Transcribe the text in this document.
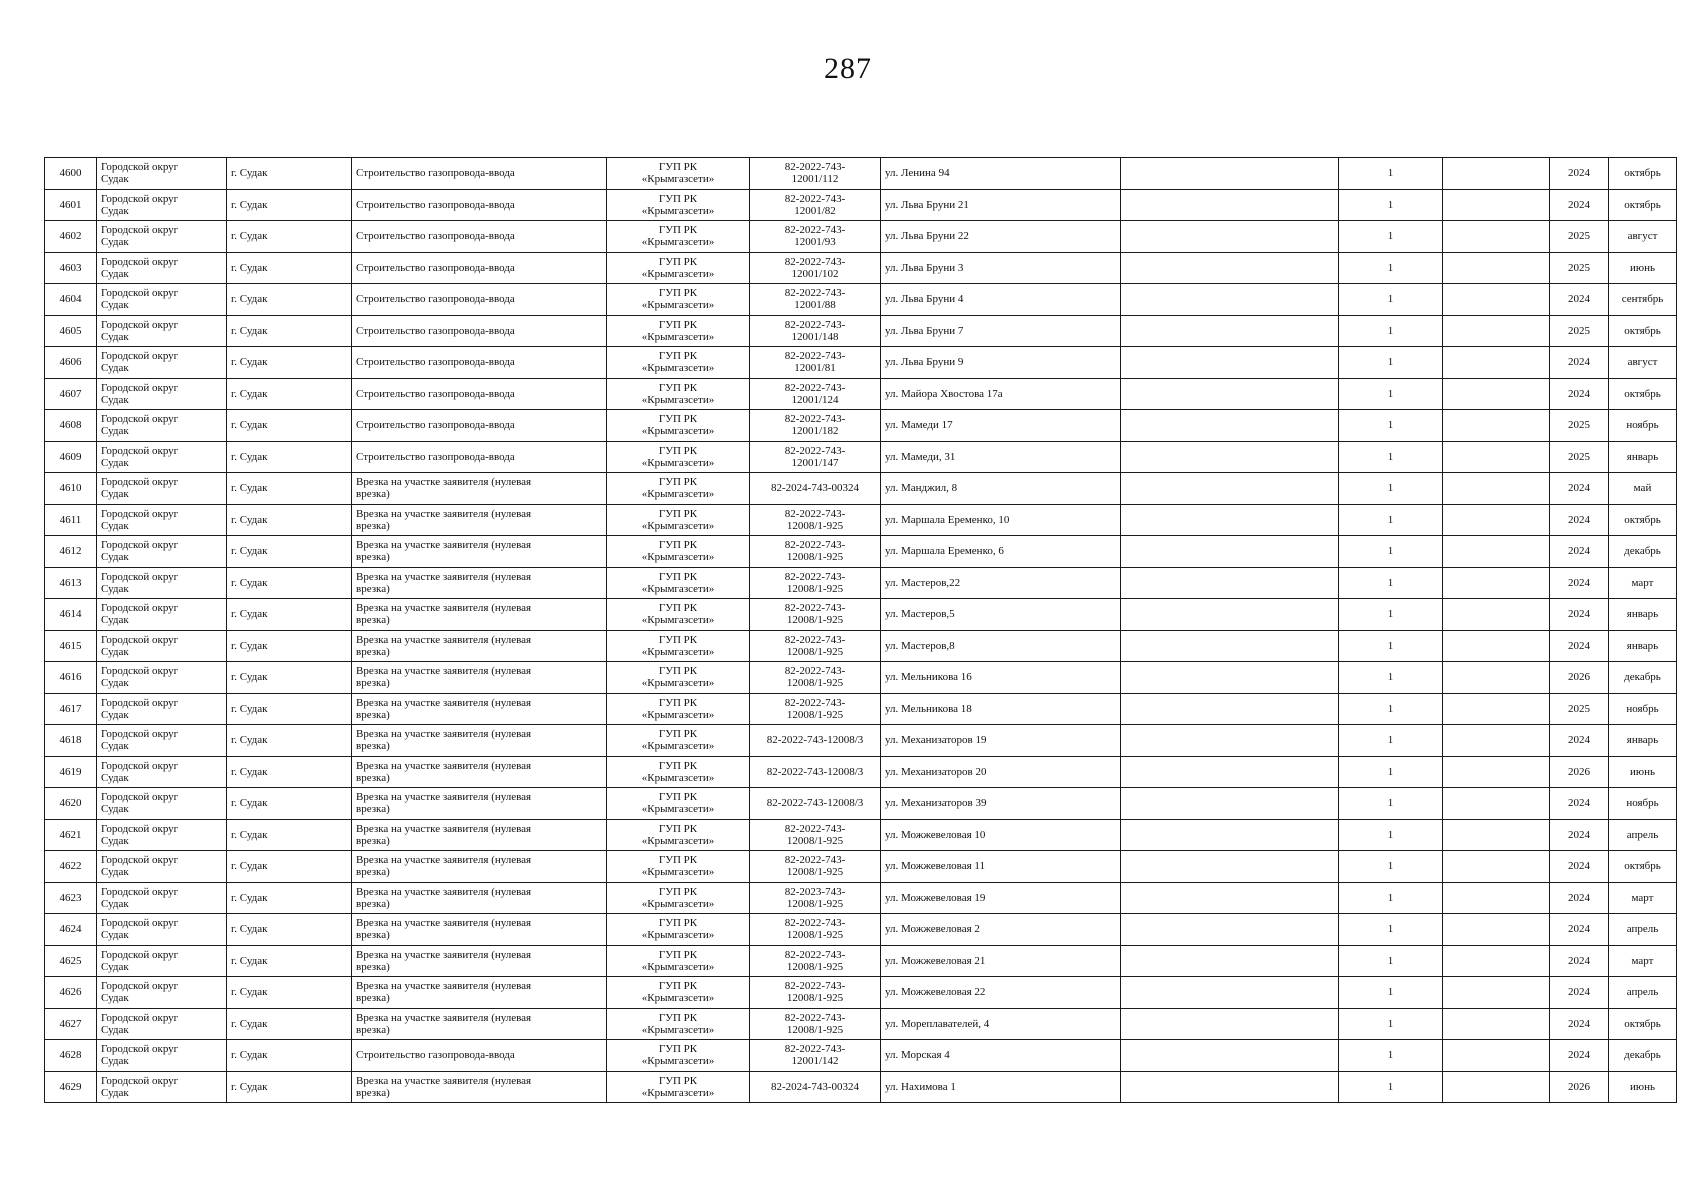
287
4600	Городской округ
Судак	г. Судак	Строительство газопровода-ввода	ГУП РК
«Крымгазсети»	82-2022-743-
12001/112	ул. Ленина 94		1		2024	октябрь
4601	Городской округ
Судак	г. Судак	Строительство газопровода-ввода	ГУП РК
«Крымгазсети»	82-2022-743-
12001/82	ул. Льва Бруни 21		1		2024	октябрь
4602	Городской округ
Судак	г. Судак	Строительство газопровода-ввода	ГУП РК
«Крымгазсети»	82-2022-743-
12001/93	ул. Льва Бруни 22		1		2025	август
4603	Городской округ
Судак	г. Судак	Строительство газопровода-ввода	ГУП РК
«Крымгазсети»	82-2022-743-
12001/102	ул. Льва Бруни 3		1		2025	июнь
4604	Городской округ
Судак	г. Судак	Строительство газопровода-ввода	ГУП РК
«Крымгазсети»	82-2022-743-
12001/88	ул. Льва Бруни 4		1		2024	сентябрь
4605	Городской округ
Судак	г. Судак	Строительство газопровода-ввода	ГУП РК
«Крымгазсети»	82-2022-743-
12001/148	ул. Льва Бруни 7		1		2025	октябрь
4606	Городской округ
Судак	г. Судак	Строительство газопровода-ввода	ГУП РК
«Крымгазсети»	82-2022-743-
12001/81	ул. Льва Бруни 9		1		2024	август
4607	Городской округ
Судак	г. Судак	Строительство газопровода-ввода	ГУП РК
«Крымгазсети»	82-2022-743-
12001/124	ул. Майора Хвостова 17а		1		2024	октябрь
4608	Городской округ
Судак	г. Судак	Строительство газопровода-ввода	ГУП РК
«Крымгазсети»	82-2022-743-
12001/182	ул. Мамеди 17		1		2025	ноябрь
4609	Городской округ
Судак	г. Судак	Строительство газопровода-ввода	ГУП РК
«Крымгазсети»	82-2022-743-
12001/147	ул. Мамеди, 31		1		2025	январь
4610	Городской округ
Судак	г. Судак	Врезка на участке заявителя (нулевая
врезка)	ГУП РК
«Крымгазсети»	82-2024-743-00324	ул. Манджил, 8		1		2024	май
4611	Городской округ
Судак	г. Судак	Врезка на участке заявителя (нулевая
врезка)	ГУП РК
«Крымгазсети»	82-2022-743-
12008/1-925	ул. Маршала Еременко, 10		1		2024	октябрь
4612	Городской округ
Судак	г. Судак	Врезка на участке заявителя (нулевая
врезка)	ГУП РК
«Крымгазсети»	82-2022-743-
12008/1-925	ул. Маршала Еременко, 6		1		2024	декабрь
4613	Городской округ
Судак	г. Судак	Врезка на участке заявителя (нулевая
врезка)	ГУП РК
«Крымгазсети»	82-2022-743-
12008/1-925	ул. Мастеров,22		1		2024	март
4614	Городской округ
Судак	г. Судак	Врезка на участке заявителя (нулевая
врезка)	ГУП РК
«Крымгазсети»	82-2022-743-
12008/1-925	ул. Мастеров,5		1		2024	январь
4615	Городской округ
Судак	г. Судак	Врезка на участке заявителя (нулевая
врезка)	ГУП РК
«Крымгазсети»	82-2022-743-
12008/1-925	ул. Мастеров,8		1		2024	январь
4616	Городской округ
Судак	г. Судак	Врезка на участке заявителя (нулевая
врезка)	ГУП РК
«Крымгазсети»	82-2022-743-
12008/1-925	ул. Мельникова 16		1		2026	декабрь
4617	Городской округ
Судак	г. Судак	Врезка на участке заявителя (нулевая
врезка)	ГУП РК
«Крымгазсети»	82-2022-743-
12008/1-925	ул. Мельникова 18		1		2025	ноябрь
4618	Городской округ
Судак	г. Судак	Врезка на участке заявителя (нулевая
врезка)	ГУП РК
«Крымгазсети»	82-2022-743-12008/3	ул. Механизаторов 19		1		2024	январь
4619	Городской округ
Судак	г. Судак	Врезка на участке заявителя (нулевая
врезка)	ГУП РК
«Крымгазсети»	82-2022-743-12008/3	ул. Механизаторов 20		1		2026	июнь
4620	Городской округ
Судак	г. Судак	Врезка на участке заявителя (нулевая
врезка)	ГУП РК
«Крымгазсети»	82-2022-743-12008/3	ул. Механизаторов 39		1		2024	ноябрь
4621	Городской округ
Судак	г. Судак	Врезка на участке заявителя (нулевая
врезка)	ГУП РК
«Крымгазсети»	82-2022-743-
12008/1-925	ул. Можжевеловая 10		1		2024	апрель
4622	Городской округ
Судак	г. Судак	Врезка на участке заявителя (нулевая
врезка)	ГУП РК
«Крымгазсети»	82-2022-743-
12008/1-925	ул. Можжевеловая 11		1		2024	октябрь
4623	Городской округ
Судак	г. Судак	Врезка на участке заявителя (нулевая
врезка)	ГУП РК
«Крымгазсети»	82-2023-743-
12008/1-925	ул. Можжевеловая 19		1		2024	март
4624	Городской округ
Судак	г. Судак	Врезка на участке заявителя (нулевая
врезка)	ГУП РК
«Крымгазсети»	82-2022-743-
12008/1-925	ул. Можжевеловая 2		1		2024	апрель
4625	Городской округ
Судак	г. Судак	Врезка на участке заявителя (нулевая
врезка)	ГУП РК
«Крымгазсети»	82-2022-743-
12008/1-925	ул. Можжевеловая 21		1		2024	март
4626	Городской округ
Судак	г. Судак	Врезка на участке заявителя (нулевая
врезка)	ГУП РК
«Крымгазсети»	82-2022-743-
12008/1-925	ул. Можжевеловая 22		1		2024	апрель
4627	Городской округ
Судак	г. Судак	Врезка на участке заявителя (нулевая
врезка)	ГУП РК
«Крымгазсети»	82-2022-743-
12008/1-925	ул. Мореплавателей, 4		1		2024	октябрь
4628	Городской округ
Судак	г. Судак	Строительство газопровода-ввода	ГУП РК
«Крымгазсети»	82-2022-743-
12001/142	ул. Морская 4		1		2024	декабрь
4629	Городской округ
Судак	г. Судак	Врезка на участке заявителя (нулевая
врезка)	ГУП РК
«Крымгазсети»	82-2024-743-00324	ул. Нахимова 1		1		2026	июнь
